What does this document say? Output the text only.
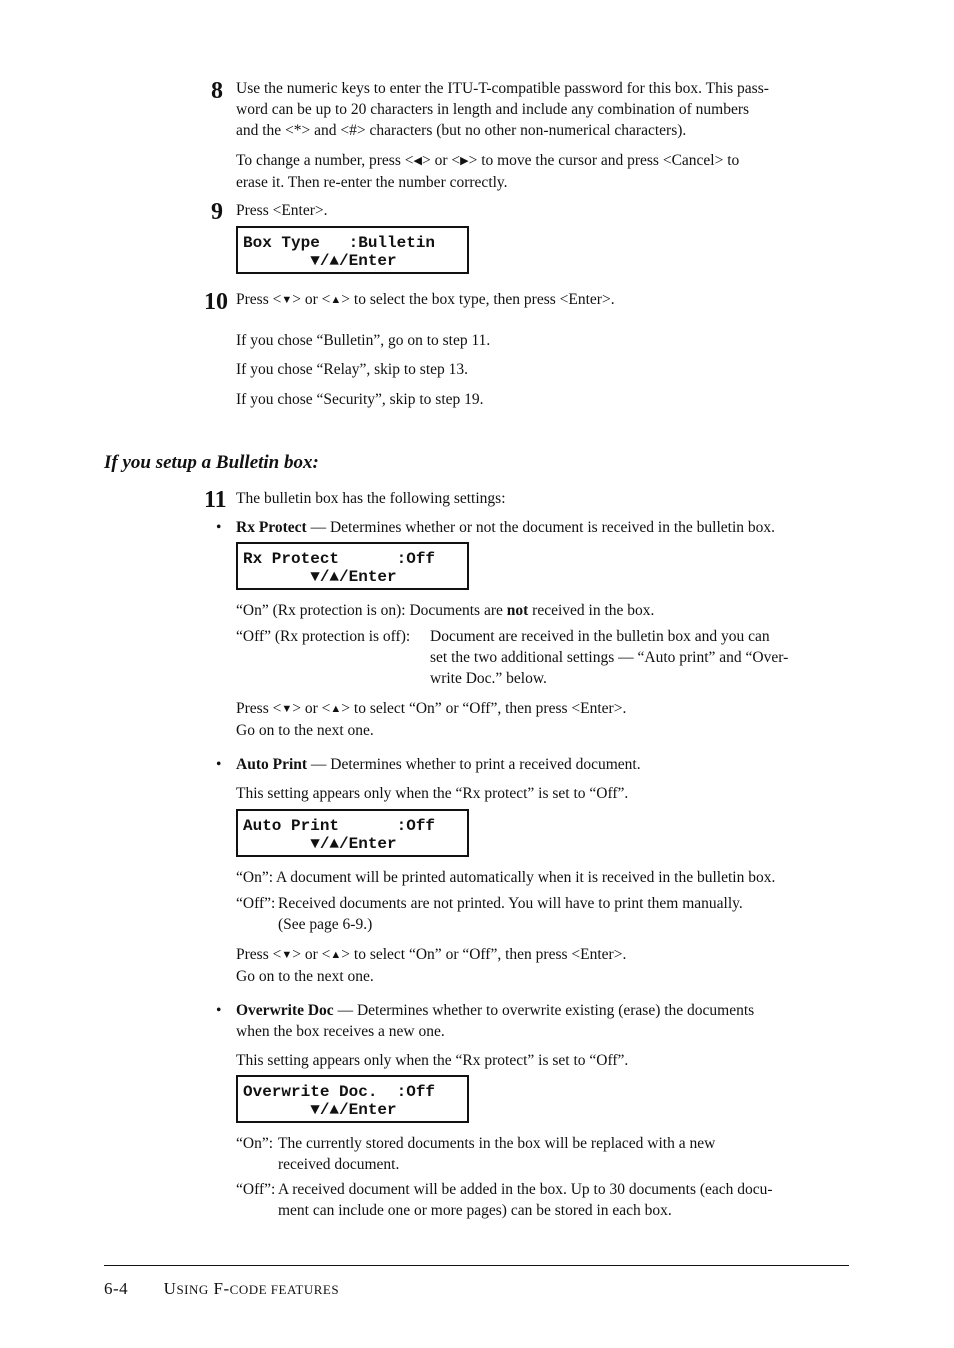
8 Use the numeric keys to enter the ITU-T-compatible password for this box. This pass-
word can be up to 20 characters in length and include any combination of numbers
and the <*> and <#> characters (but no other non-numerical characters).
To change a number, press <◀> or <▶> to move the cursor and press <Cancel> to
erase it. Then re-enter the number correctly.
9 Press <Enter>.
Box Type   :Bulletin
▼/▲/Enter
10 Press <▼> or <▲> to select the box type, then press <Enter>.
If you chose “Bulletin”, go on to step 11.
If you chose “Relay”, skip to step 13.
If you chose “Security”, skip to step 19.
If you setup a Bulletin box:
11 The bulletin box has the following settings:
• Rx Protect — Determines whether or not the document is received in the bulletin box.
Rx Protect      :Off
▼/▲/Enter
“On” (Rx protection is on): Documents are not received in the box.
“Off” (Rx protection is off): Document are received in the bulletin box and you can
set the two additional settings — “Auto print” and “Over-
write Doc.” below.
Press <▼> or <▲> to select “On” or “Off”, then press <Enter>.
Go on to the next one.
• Auto Print — Determines whether to print a received document.
This setting appears only when the “Rx protect” is set to “Off”.
Auto Print      :Off
▼/▲/Enter
“On”: A document will be printed automatically when it is received in the bulletin box.
“Off”: Received documents are not printed. You will have to print them manually.
(See page 6-9.)
Press <▼> or <▲> to select “On” or “Off”, then press <Enter>.
Go on to the next one.
• Overwrite Doc — Determines whether to overwrite existing (erase) the documents
when the box receives a new one.
This setting appears only when the “Rx protect” is set to “Off”.
Overwrite Doc.  :Off
▼/▲/Enter
“On”: The currently stored documents in the box will be replaced with a new
received document.
“Off”: A received document will be added in the box. Up to 30 documents (each docu-
ment can include one or more pages) can be stored in each box.
6-4 USING F-CODE FEATURES
